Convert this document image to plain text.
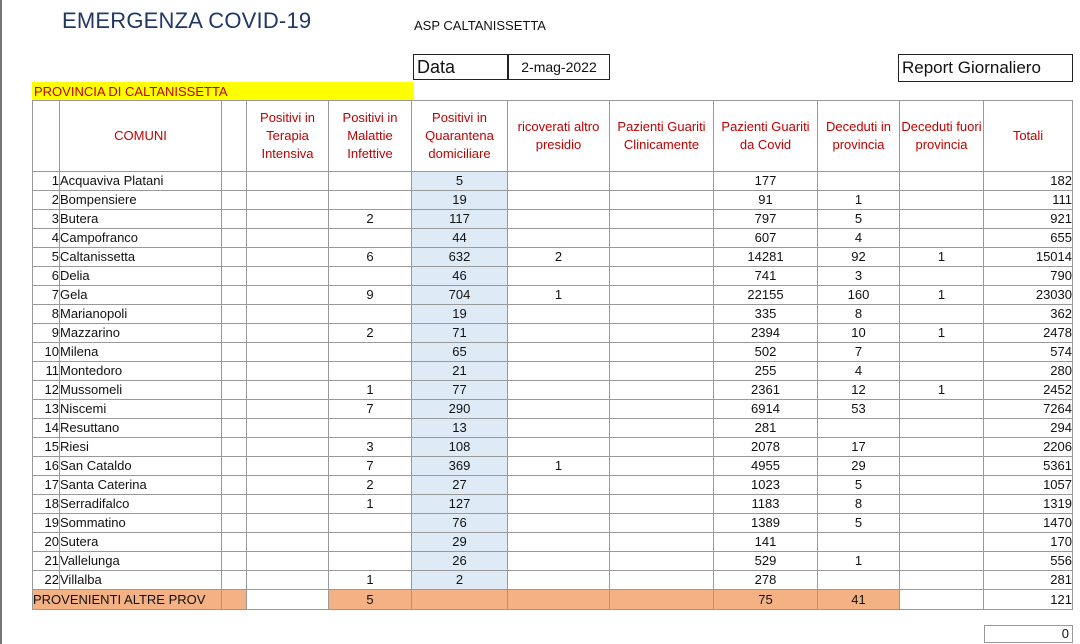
EMERGENZA COVID-19	ASP CALTANISSETTA
Data	2-mag-2022	Report Giornaliero
PROVINCIA DI CALTANISSETTA
	COMUNI		Positivi in Terapia Intensiva	Positivi in Malattie Infettive	Positivi in Quarantena domiciliare	ricoverati altro presidio	Pazienti Guariti Clinicamente	Pazienti Guariti da Covid	Deceduti in provincia	Deceduti fuori provincia	Totali
1	Acquaviva Platani				5			177			182
2	Bompensiere				19			91	1		111
3	Butera			2	117			797	5		921
4	Campofranco				44			607	4		655
5	Caltanissetta			6	632	2		14281	92	1	15014
6	Delia				46			741	3		790
7	Gela			9	704	1		22155	160	1	23030
8	Marianopoli				19			335	8		362
9	Mazzarino			2	71			2394	10	1	2478
10	Milena				65			502	7		574
11	Montedoro				21			255	4		280
12	Mussomeli			1	77			2361	12	1	2452
13	Niscemi			7	290			6914	53		7264
14	Resuttano				13			281			294
15	Riesi			3	108			2078	17		2206
16	San Cataldo			7	369	1		4955	29		5361
17	Santa Caterina			2	27			1023	5		1057
18	Serradifalco			1	127			1183	8		1319
19	Sommatino				76			1389	5		1470
20	Sutera				29			141			170
21	Vallelunga				26			529	1		556
22	Villalba			1	2			278			281
PROVENIENTI ALTRE PROV				5				75	41		121
0
